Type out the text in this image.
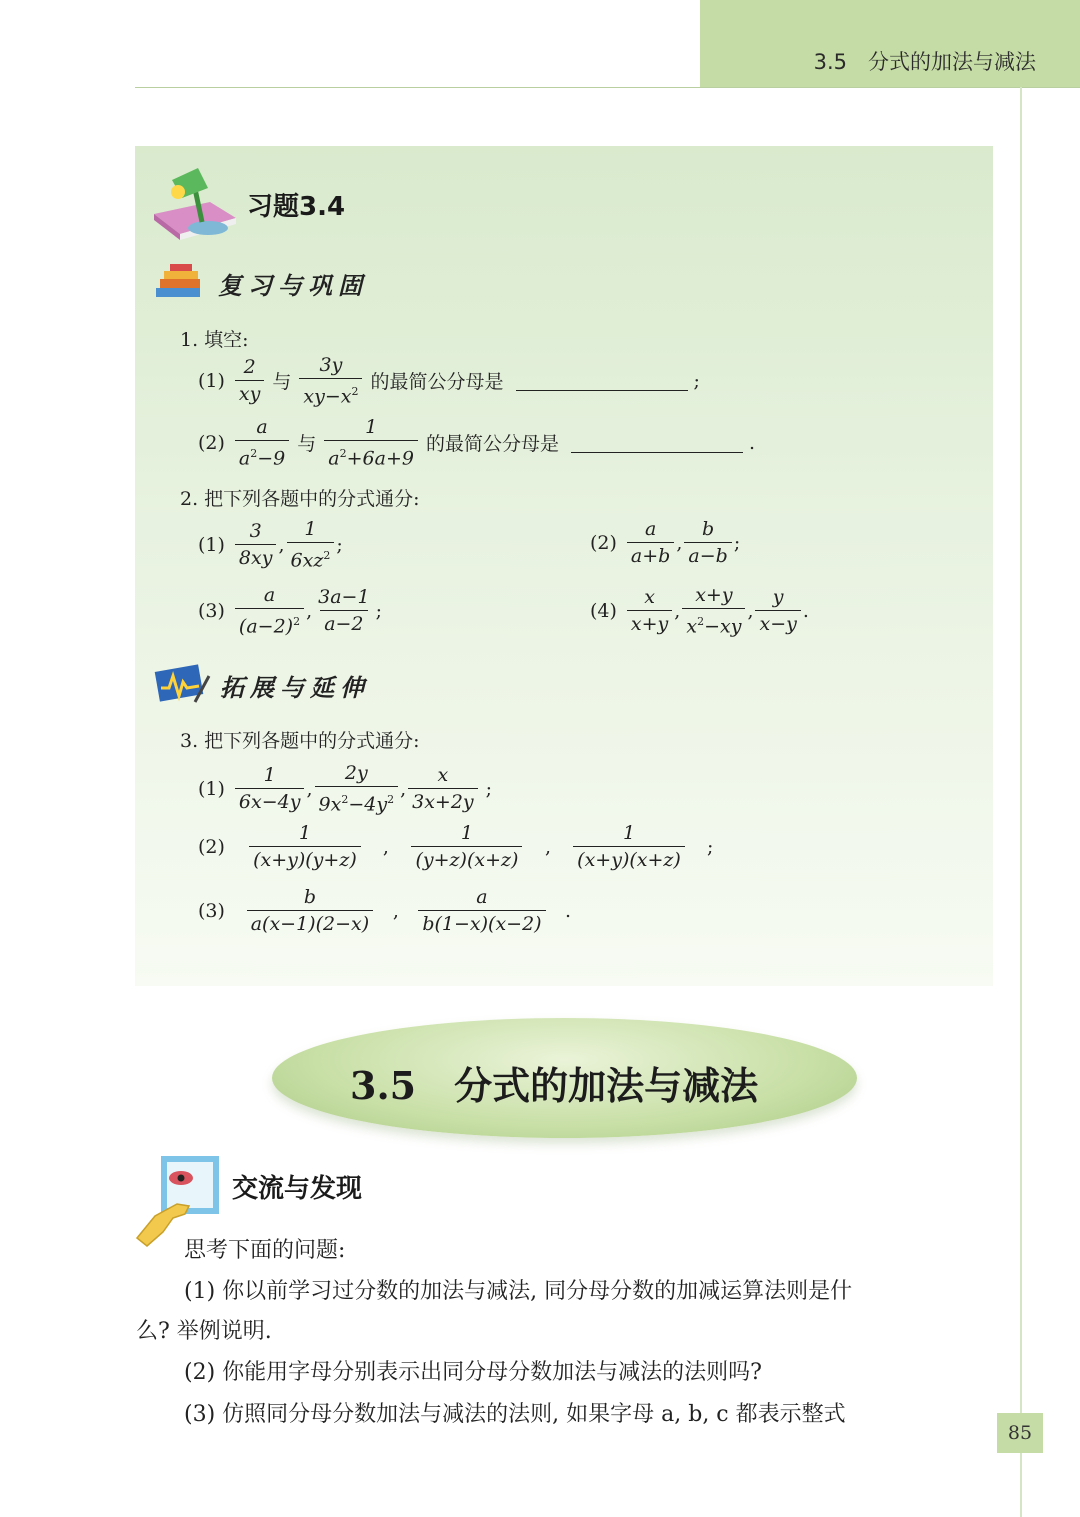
3.5　分式的加法与减法
习题3.4
复习与巩固
1. 填空:
$(1) \frac{2}{xy}$ 与 $\frac{3y}{xy-x^2}$ 的最简公分母是	;
$(2) \frac{a}{a^2-9}$ 与 $\frac{1}{a^2+6a+9}$ 的最简公分母是	.
2. 把下列各题中的分式通分:
$(1) \frac{3}{8xy}$ , $\frac{1}{6xz^2}$ ;	$(2) \frac{a}{a+b}$ , $\frac{b}{a-b}$ ;
$(3) \frac{a}{(a-2)^2}$ , $\frac{3a-1}{a-2}$ ;	$(4) \frac{x}{x+y}$ , $\frac{x+y}{x^2-xy}$ , $\frac{y}{x-y}$ .
拓展与延伸
3. 把下列各题中的分式通分:
$(1) \frac{1}{6x-4y}$ , $\frac{2y}{9x^2-4y^2}$ , $\frac{x}{3x+2y}$ ;
$(2) \frac{1}{(x+y)(y+z)}$ , $\frac{1}{(y+z)(x+z)}$ , $\frac{1}{(x+y)(x+z)}$ ;
$(3) \frac{b}{a(x-1)(2-x)}$ , $\frac{a}{b(1-x)(x-2)}$ .
3.5　分式的加法与减法
交流与发现
思考下面的问题:
(1) 你以前学习过分数的加法与减法, 同分母分数的加减运算法则是什
么? 举例说明.
(2) 你能用字母分别表示出同分母分数加法与减法的法则吗?
(3) 仿照同分母分数加法与减法的法则, 如果字母 a, b, c 都表示整式
85
